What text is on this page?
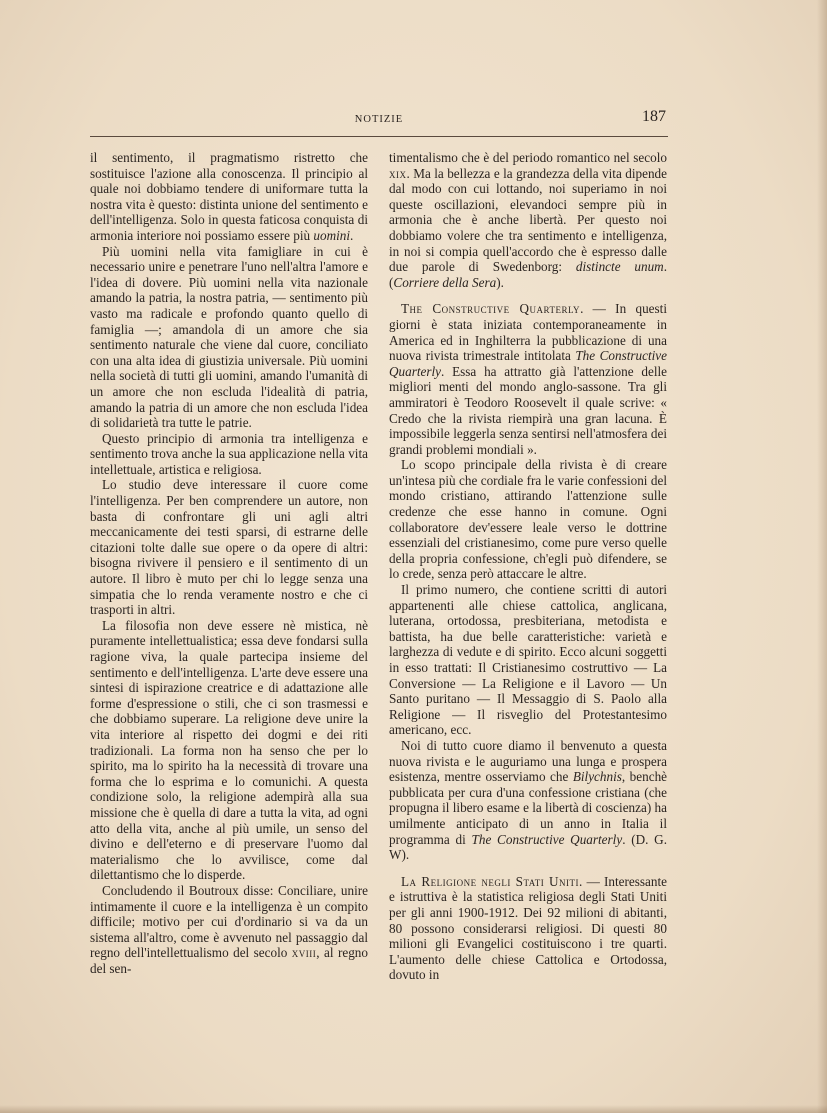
NOTIZIE	187

il sentimento, il pragmatismo ristretto che sostituisce l'azione alla conoscenza. Il principio al quale noi dobbiamo tendere di uniformare tutta la nostra vita è questo: distinta unione del sentimento e dell'intelligenza. Solo in questa faticosa conquista di armonia interiore noi possiamo essere più uomini.

Più uomini nella vita famigliare in cui è necessario unire e penetrare l'uno nell'altra l'amore e l'idea di dovere. Più uomini nella vita nazionale amando la patria, la nostra patria, — sentimento più vasto ma radicale e profondo quanto quello di famiglia —; amandola di un amore che sia sentimento naturale che viene dal cuore, conciliato con una alta idea di giustizia universale. Più uomini nella società di tutti gli uomini, amando l'umanità di un amore che non escluda l'idealità di patria, amando la patria di un amore che non escluda l'idea di solidarietà tra tutte le patrie.

Questo principio di armonia tra intelligenza e sentimento trova anche la sua applicazione nella vita intellettuale, artistica e religiosa.

Lo studio deve interessare il cuore come l'intelligenza. Per ben comprendere un autore, non basta di confrontare gli uni agli altri meccanicamente dei testi sparsi, di estrarne delle citazioni tolte dalle sue opere o da opere di altri: bisogna rivivere il pensiero e il sentimento di un autore. Il libro è muto per chi lo legge senza una simpatia che lo renda veramente nostro e che ci trasporti in altri.

La filosofia non deve essere nè mistica, nè puramente intellettualistica; essa deve fondarsi sulla ragione viva, la quale partecipa insieme del sentimento e dell'intelligenza. L'arte deve essere una sintesi di ispirazione creatrice e di adattazione alle forme d'espressione o stili, che ci son trasmessi e che dobbiamo superare. La religione deve unire la vita interiore al rispetto dei dogmi e dei riti tradizionali. La forma non ha senso che per lo spirito, ma lo spirito ha la necessità di trovare una forma che lo esprima e lo comunichi. A questa condizione solo, la religione adempirà alla sua missione che è quella di dare a tutta la vita, ad ogni atto della vita, anche al più umile, un senso del divino e dell'eterno e di preservare l'uomo dal materialismo che lo avvilisce, come dal dilettantismo che lo disperde.

Concludendo il Boutroux disse: Conciliare, unire intimamente il cuore e la intelligenza è un compito difficile; motivo per cui d'ordinario si va da un sistema all'altro, come è avvenuto nel passaggio dal regno dell'intellettualismo del secolo xviii, al regno del sen-

timentalismo che è del periodo romantico nel secolo xix. Ma la bellezza e la grandezza della vita dipende dal modo con cui lottando, noi superiamo in noi queste oscillazioni, elevandoci sempre più in armonia che è anche libertà. Per questo noi dobbiamo volere che tra sentimento e intelligenza, in noi si compia quell'accordo che è espresso dalle due parole di Swedenborg: distincte unum. (Corriere della Sera).

The Constructive Quarterly. — In questi giorni è stata iniziata contemporaneamente in America ed in Inghilterra la pubblicazione di una nuova rivista trimestrale intitolata The Constructive Quarterly. Essa ha attratto già l'attenzione delle migliori menti del mondo anglo-sassone. Tra gli ammiratori è Teodoro Roosevelt il quale scrive: « Credo che la rivista riempirà una gran lacuna. È impossibile leggerla senza sentirsi nell'atmosfera dei grandi problemi mondiali ».

Lo scopo principale della rivista è di creare un'intesa più che cordiale fra le varie confessioni del mondo cristiano, attirando l'attenzione sulle credenze che esse hanno in comune. Ogni collaboratore dev'essere leale verso le dottrine essenziali del cristianesimo, come pure verso quelle della propria confessione, ch'egli può difendere, se lo crede, senza però attaccare le altre.

Il primo numero, che contiene scritti di autori appartenenti alle chiese cattolica, anglicana, luterana, ortodossa, presbiteriana, metodista e battista, ha due belle caratteristiche: varietà e larghezza di vedute e di spirito. Ecco alcuni soggetti in esso trattati: Il Cristianesimo costruttivo — La Conversione — La Religione e il Lavoro — Un Santo puritano — Il Messaggio di S. Paolo alla Religione — Il risveglio del Protestantesimo americano, ecc.

Noi di tutto cuore diamo il benvenuto a questa nuova rivista e le auguriamo una lunga e prospera esistenza, mentre osserviamo che Bilychnis, benchè pubblicata per cura d'una confessione cristiana (che propugna il libero esame e la libertà di coscienza) ha umilmente anticipato di un anno in Italia il programma di The Constructive Quarterly. (D. G. W).

La Religione negli Stati Uniti. — Interessante e istruttiva è la statistica religiosa degli Stati Uniti per gli anni 1900-1912. Dei 92 milioni di abitanti, 80 possono considerarsi religiosi. Di questi 80 milioni gli Evangelici costituiscono i tre quarti. L'aumento delle chiese Cattolica e Ortodossa, dovuto in
